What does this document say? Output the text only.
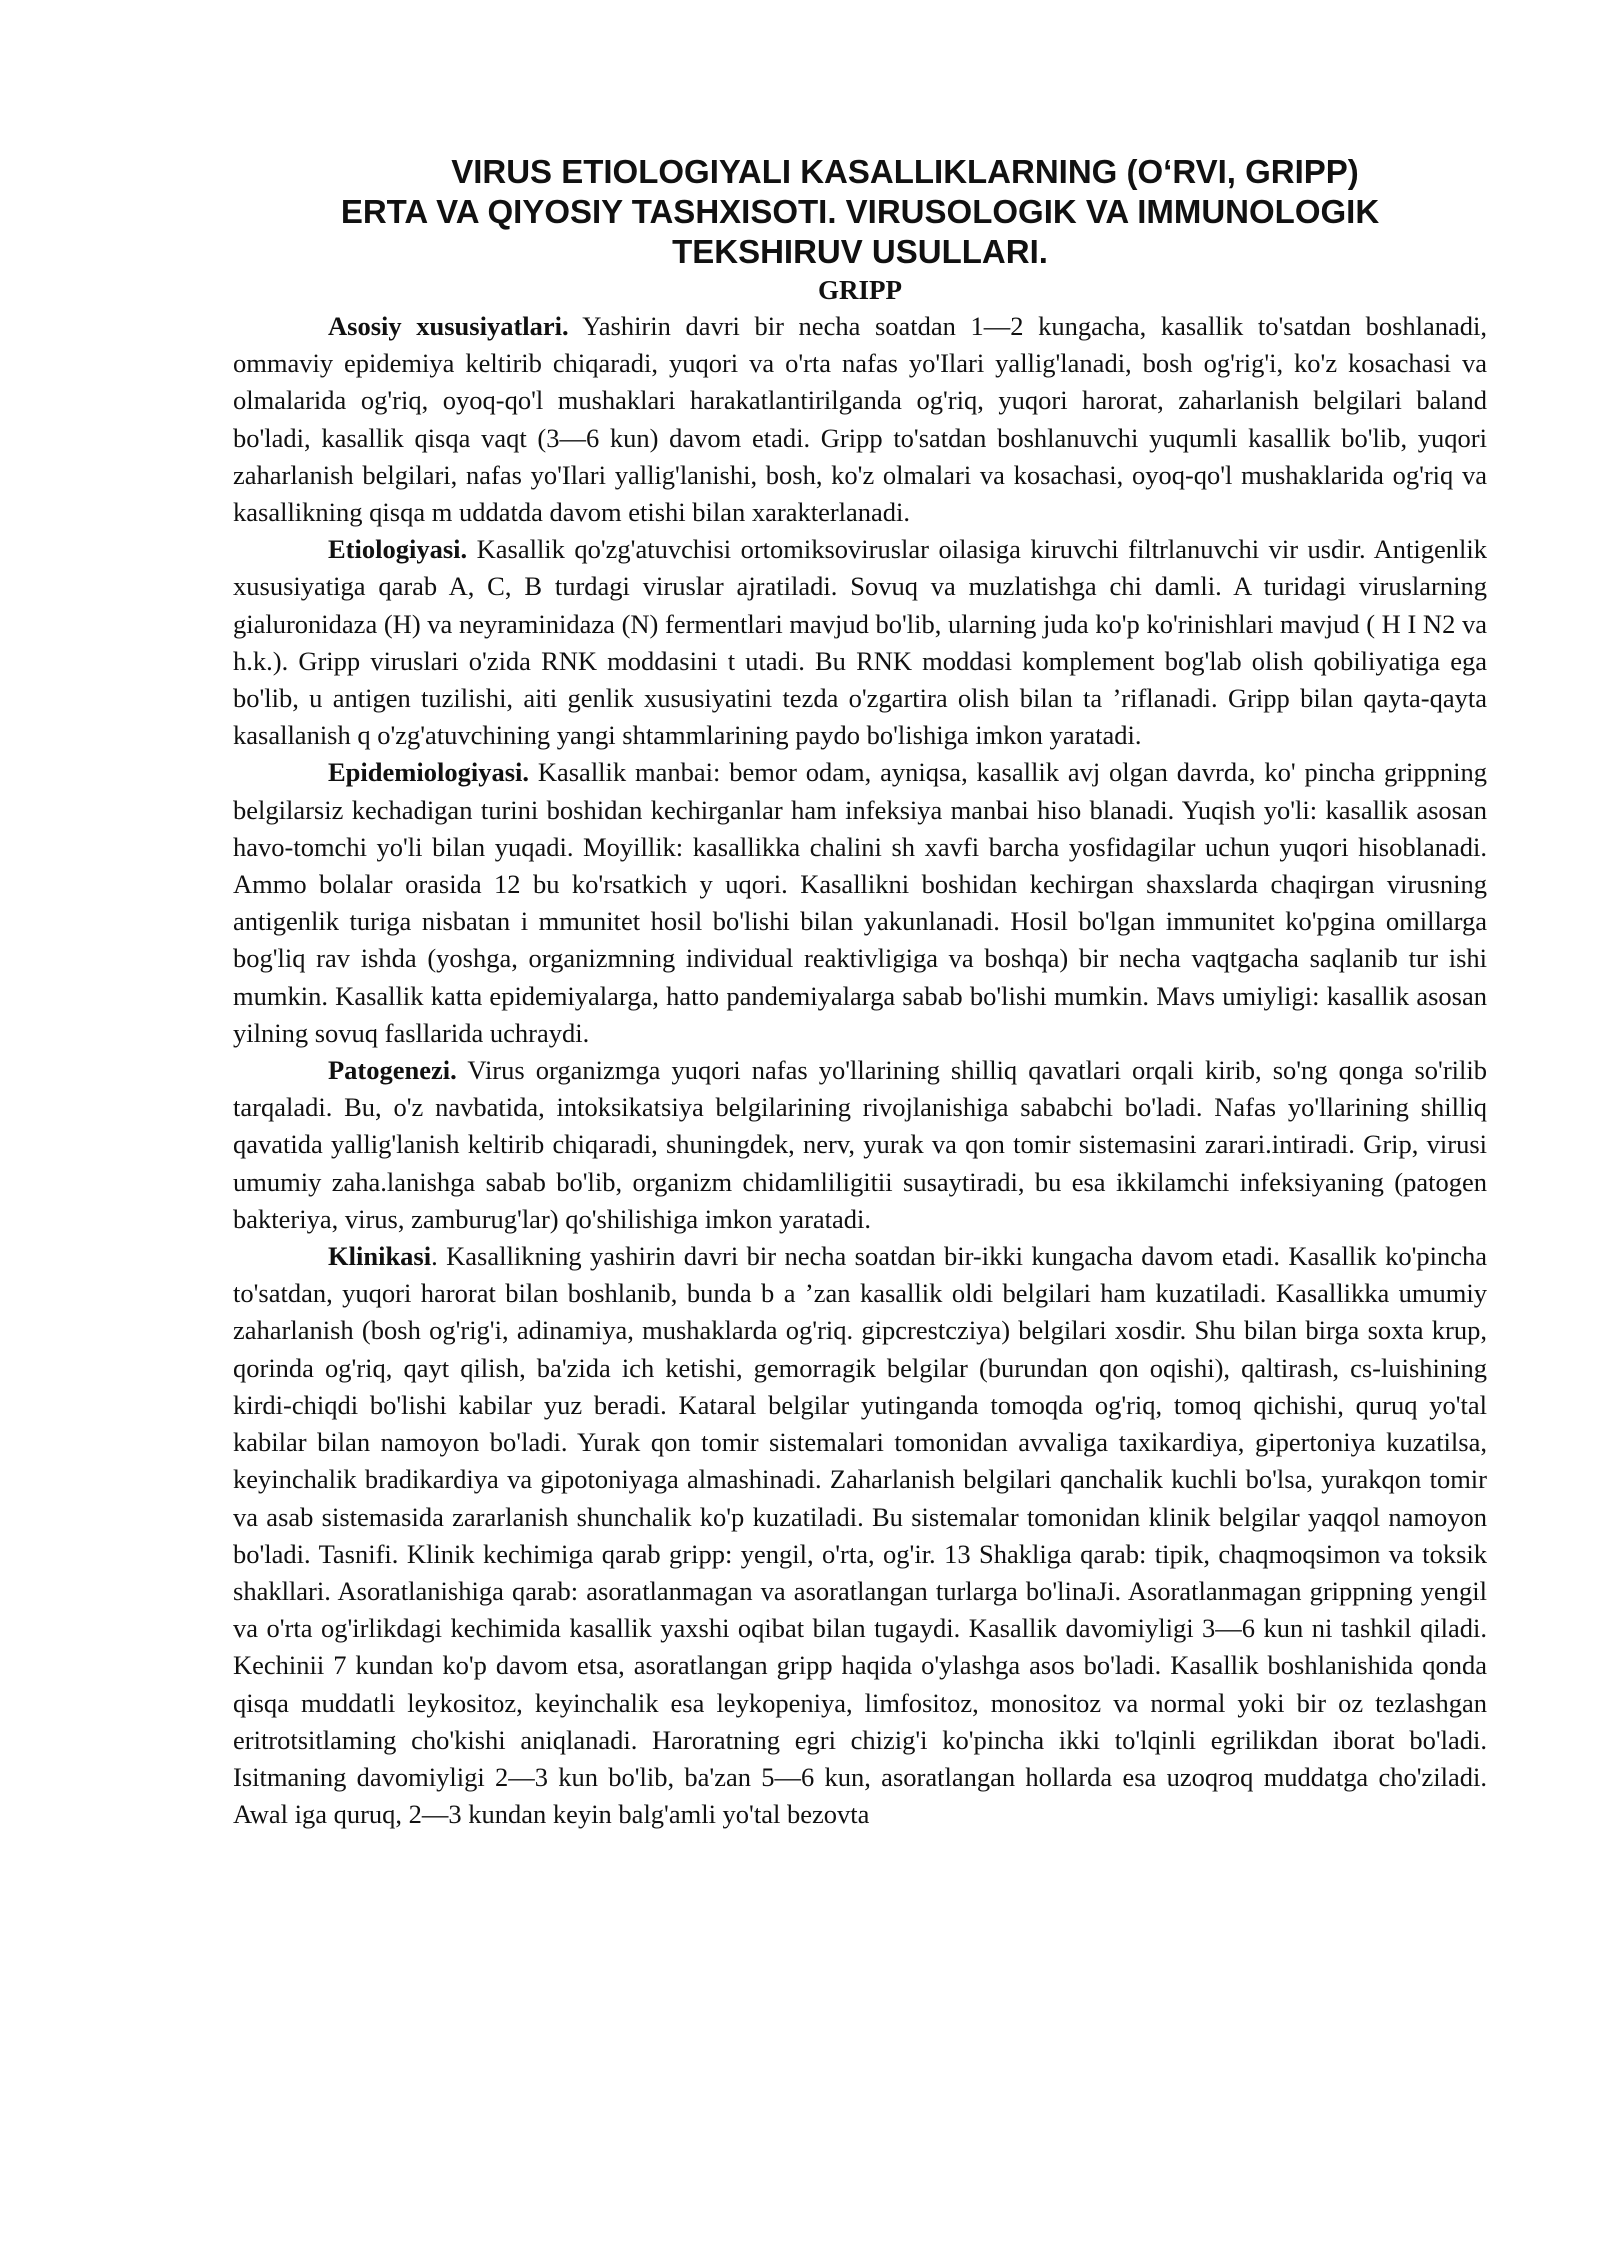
VIRUS ETIOLOGIYALI KASALLIKLARNING (OʻRVI, GRIPP)
ERTA VA QIYOSIY TASHXISOTI. VIRUSOLOGIK VA IMMUNOLOGIK
TEKSHIRUV USULLARI.
GRIPP

Asosiy xususiyatlari. Yashirin davri bir necha soatdan 1—2 kungacha, kasallik to'satdan boshlanadi, ommaviy epidemiya keltirib chiqaradi, yuqori va o'rta nafas yo'Ilari yallig'lanadi, bosh og'rig'i, ko'z kosachasi va olmalarida og'riq, oyoq-qo'l mushaklari harakatlantirilganda og'riq, yuqori harorat, zaharlanish belgilari baland bo'ladi, kasallik qisqa vaqt (3—6 kun) davom etadi. Gripp to'satdan boshlanuvchi yuqumli kasallik bo'lib, yuqori zaharlanish belgilari, nafas yo'Ilari yallig'lanishi, bosh, ko'z olmalari va kosachasi, oyoq-qo'l mushaklarida og'riq va kasallikning qisqa m uddatda davom etishi bilan xarakterlanadi.

Etiologiyasi. Kasallik qo'zg'atuvchisi ortomiksoviruslar oilasiga kiruvchi filtrlanuvchi vir usdir. Antigenlik xususiyatiga qarab A, C, B turdagi viruslar ajratiladi. Sovuq va muzlatishga chi damli. A turidagi viruslarning gialuronidaza (H) va neyraminidaza (N) fermentlari mavjud bo'lib, ularning juda ko'p ko'rinishlari mavjud ( H I N2 va h.k.). Gripp viruslari o'zida RNK moddasini t utadi. Bu RNK moddasi komplement bog'lab olish qobiliyatiga ega bo'lib, u antigen tuzilishi, aiti genlik xususiyatini tezda o'zgartira olish bilan ta ’riflanadi. Gripp bilan qayta-qayta kasallanish q o'zg'atuvchining yangi shtammlarining paydo bo'lishiga imkon yaratadi.

Epidemiologiyasi. Kasallik manbai: bemor odam, ayniqsa, kasallik avj olgan davrda, ko' pincha grippning belgilarsiz kechadigan turini boshidan kechirganlar ham infeksiya manbai hiso blanadi. Yuqish yo'li: kasallik asosan havo-tomchi yo'li bilan yuqadi. Moyillik: kasallikka chalini sh xavfi barcha yosfidagilar uchun yuqori hisoblanadi. Ammo bolalar orasida 12 bu ko'rsatkich y uqori. Kasallikni boshidan kechirgan shaxslarda chaqirgan virusning antigenlik turiga nisbatan i mmunitet hosil bo'lishi bilan yakunlanadi. Hosil bo'lgan immunitet ko'pgina omillarga bog'liq rav ishda (yoshga, organizmning individual reaktivligiga va boshqa) bir necha vaqtgacha saqlanib tur ishi mumkin. Kasallik katta epidemiyalarga, hatto pandemiyalarga sabab bo'lishi mumkin. Mavs umiyligi: kasallik asosan yilning sovuq fasllarida uchraydi.

Patogenezi. Virus organizmga yuqori nafas yo'llarining shilliq qavatlari orqali kirib, so'ng qonga so'rilib tarqaladi. Bu, o'z navbatida, intoksikatsiya belgilarining rivojlanishiga sababchi bo'ladi. Nafas yo'llarining shilliq qavatida yallig'lanish keltirib chiqaradi, shuningdek, nerv, yurak va qon tomir sistemasini zarari.intiradi. Grip, virusi umumiy zaha.lanishga sabab bo'lib, organizm chidamliligitii susaytiradi, bu esa ikkilamchi infeksiyaning (patogen bakteriya, virus, zamburug'lar) qo'shilishiga imkon yaratadi.

Klinikasi. Kasallikning yashirin davri bir necha soatdan bir-ikki kungacha davom etadi. Kasallik ko'pincha to'satdan, yuqori harorat bilan boshlanib, bunda b a ’zan kasallik oldi belgilari ham kuzatiladi. Kasallikka umumiy zaharlanish (bosh og'rig'i, adinamiya, mushaklarda og'riq. gipcrestcziya) belgilari xosdir. Shu bilan birga soxta krup, qorinda og'riq, qayt qilish, ba'zida ich ketishi, gemorragik belgilar (burundan qon oqishi), qaltirash, cs-luishining kirdi-chiqdi bo'lishi kabilar yuz beradi. Kataral belgilar yutinganda tomoqda og'riq, tomoq qichishi, quruq yo'tal kabilar bilan namoyon bo'ladi. Yurak qon tomir sistemalari tomonidan avvaliga taxikardiya, gipertoniya kuzatilsa, keyinchalik bradikardiya va gipotoniyaga almashinadi. Zaharlanish belgilari qanchalik kuchli bo'lsa, yurakqon tomir va asab sistemasida zararlanish shunchalik ko'p kuzatiladi. Bu sistemalar tomonidan klinik belgilar yaqqol namoyon bo'ladi. Tasnifi. Klinik kechimiga qarab gripp: yengil, o'rta, og'ir. 13 Shakliga qarab: tipik, chaqmoqsimon va toksik shakllari. Asoratlanishiga qarab: asoratlanmagan va asoratlangan turlarga bo'linaJi. Asoratlanmagan grippning yengil va o'rta og'irlikdagi kechimida kasallik yaxshi oqibat bilan tugaydi. Kasallik davomiyligi 3—6 kun ni tashkil qiladi. Kechinii 7 kundan ko'p davom etsa, asoratlangan gripp haqida o'ylashga asos bo'ladi. Kasallik boshlanishida qonda qisqa muddatli leykositoz, keyinchalik esa leykopeniya, limfositoz, monositoz va normal yoki bir oz tezlashgan eritrotsitlaming cho'kishi aniqlanadi. Haroratning egri chizig'i ko'pincha ikki to'lqinli egrilikdan iborat bo'ladi. Isitmaning davomiyligi 2—3 kun bo'lib, ba'zan 5—6 kun, asoratlangan hollarda esa uzoqroq muddatga cho'ziladi. Awal iga quruq, 2—3 kundan keyin balg'amli yo'tal bezovta
